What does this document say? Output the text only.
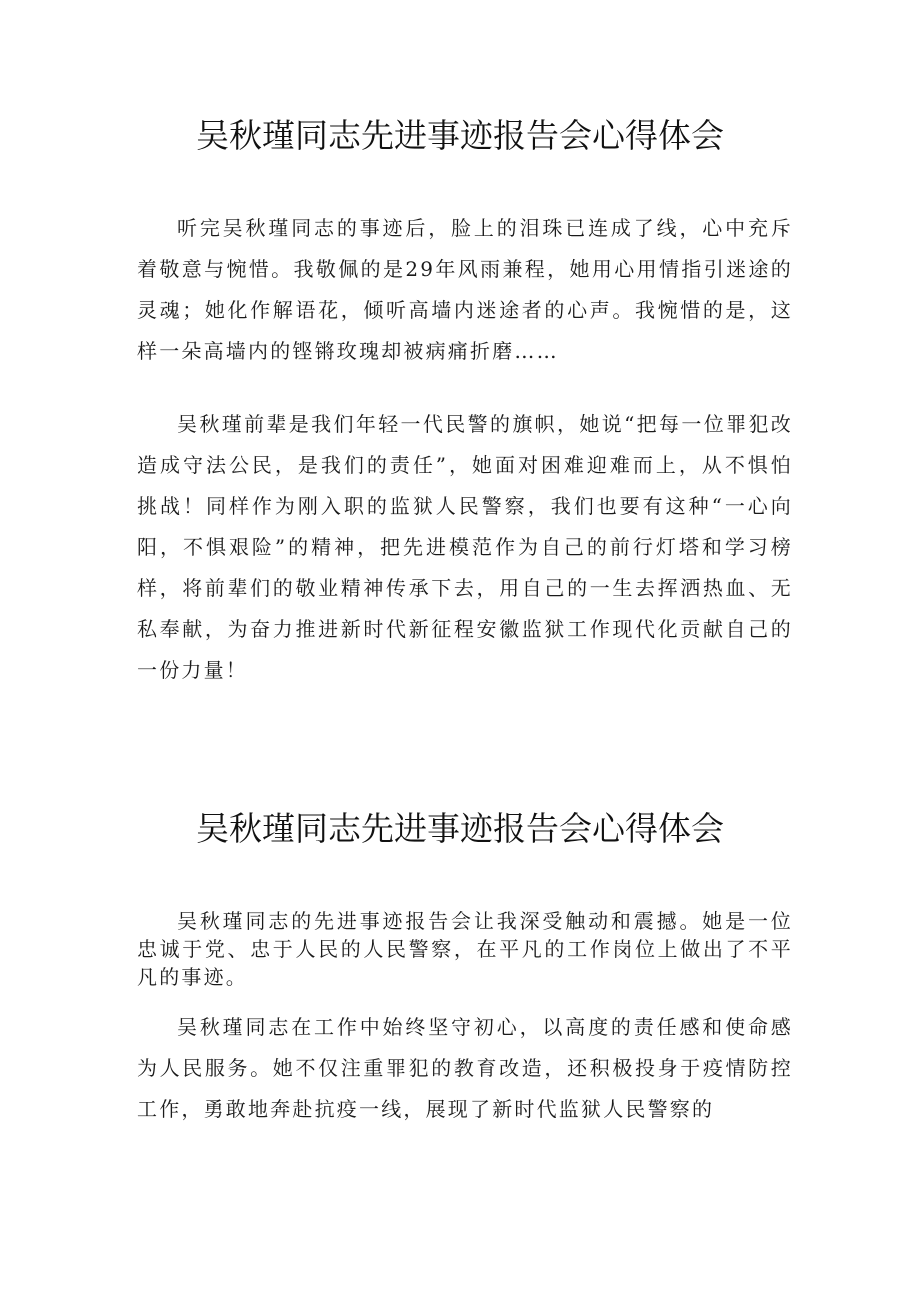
吴秋瑾同志先进事迹报告会心得体会

听完吴秋瑾同志的事迹后，脸上的泪珠已连成了线，心中充斥着敬意与惋惜。我敬佩的是29年风雨兼程，她用心用情指引迷途的灵魂；她化作解语花，倾听高墙内迷途者的心声。我惋惜的是，这样一朵高墙内的铿锵玫瑰却被病痛折磨……

吴秋瑾前辈是我们年轻一代民警的旗帜，她说“把每一位罪犯改造成守法公民，是我们的责任”，她面对困难迎难而上，从不惧怕挑战！同样作为刚入职的监狱人民警察，我们也要有这种“一心向阳，不惧艰险”的精神，把先进模范作为自己的前行灯塔和学习榜样，将前辈们的敬业精神传承下去，用自己的一生去挥洒热血、无私奉献，为奋力推进新时代新征程安徽监狱工作现代化贡献自己的一份力量！

吴秋瑾同志先进事迹报告会心得体会

吴秋瑾同志的先进事迹报告会让我深受触动和震撼。她是一位忠诚于党、忠于人民的人民警察，在平凡的工作岗位上做出了不平凡的事迹。

吴秋瑾同志在工作中始终坚守初心，以高度的责任感和使命感为人民服务。她不仅注重罪犯的教育改造，还积极投身于疫情防控工作，勇敢地奔赴抗疫一线，展现了新时代监狱人民警察的
